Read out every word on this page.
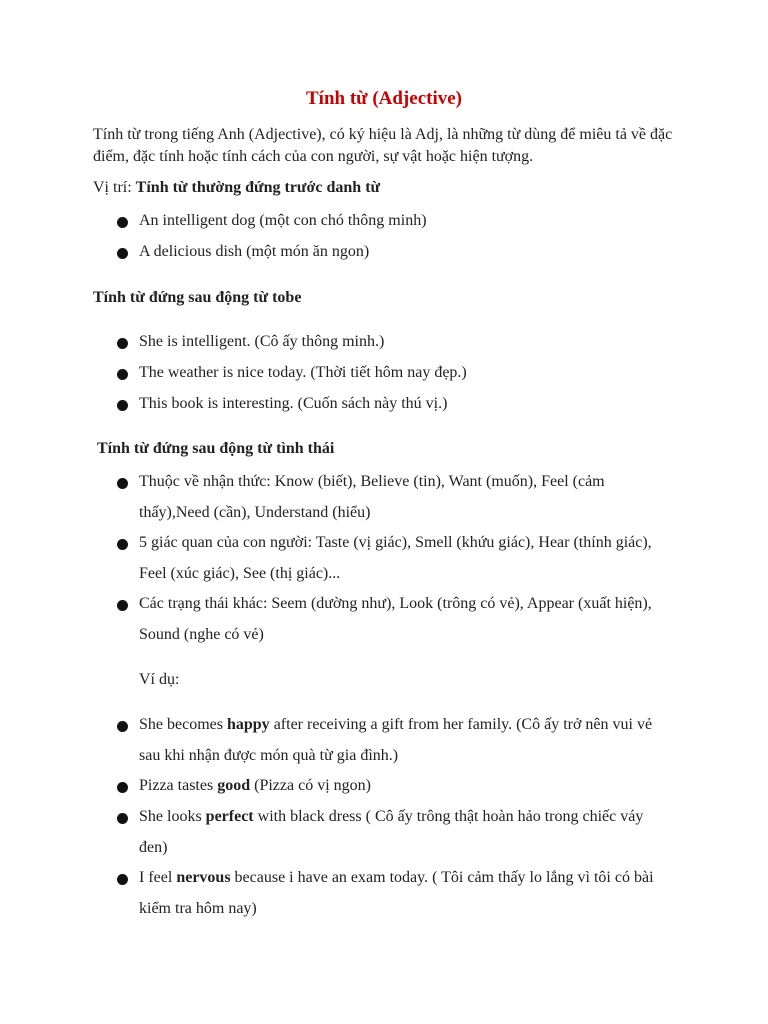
Tính từ (Adjective)
Tính từ trong tiếng Anh (Adjective), có ký hiệu là Adj, là những từ dùng để miêu tả về đặc điểm, đặc tính hoặc tính cách của con người, sự vật hoặc hiện tượng.
Vị trí: Tính từ thường đứng trước danh từ
An intelligent dog (một con chó thông minh)
A delicious dish (một món ăn ngon)
Tính từ đứng sau động từ tobe
She is intelligent. (Cô ấy thông minh.)
The weather is nice today. (Thời tiết hôm nay đẹp.)
This book is interesting. (Cuốn sách này thú vị.)
Tính từ đứng sau động từ tình thái
Thuộc về nhận thức: Know (biết), Believe (tin), Want (muốn), Feel (cảm thấy),Need (cần), Understand (hiểu)
5 giác quan của con người: Taste (vị giác), Smell (khứu giác), Hear (thính giác), Feel (xúc giác), See (thị giác)...
Các trạng thái khác: Seem (dường như), Look (trông có vẻ), Appear (xuất hiện), Sound (nghe có vẻ)
Ví dụ:
She becomes happy after receiving a gift from her family. (Cô ấy trở nên vui vẻ sau khi nhận được món quà từ gia đình.)
Pizza tastes good (Pizza có vị ngon)
She looks perfect with black dress ( Cô ấy trông thật hoàn hảo trong chiếc váy đen)
I feel nervous because i have an exam today. ( Tôi cảm thấy lo lắng vì tôi có bài kiểm tra hôm nay)
